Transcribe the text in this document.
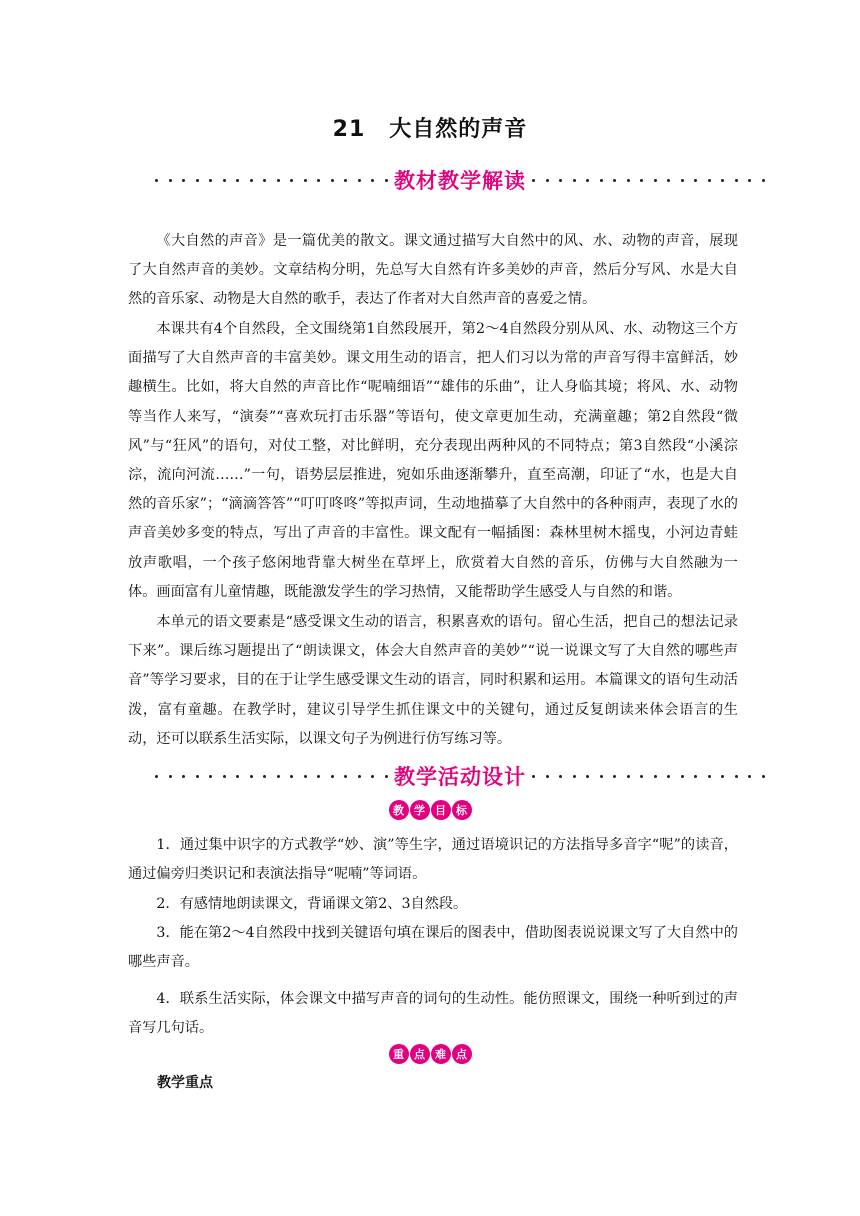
21 大自然的声音
教材教学解读

《大自然的声音》是一篇优美的散文。课文通过描写大自然中的风、水、动物的声音，展现了大自然声音的美妙。文章结构分明，先总写大自然有许多美妙的声音，然后分写风、水是大自然的音乐家、动物是大自然的歌手，表达了作者对大自然声音的喜爱之情。

本课共有4个自然段，全文围绕第1自然段展开，第2～4自然段分别从风、水、动物这三个方面描写了大自然声音的丰富美妙。课文用生动的语言，把人们习以为常的声音写得丰富鲜活，妙趣横生。比如，将大自然的声音比作“呢喃细语”“雄伟的乐曲”，让人身临其境；将风、水、动物等当作人来写，“演奏”“喜欢玩打击乐器”等语句，使文章更加生动，充满童趣；第2自然段“微风”与“狂风”的语句，对仗工整，对比鲜明，充分表现出两种风的不同特点；第3自然段“小溪淙淙，流向河流……”一句，语势层层推进，宛如乐曲逐渐攀升，直至高潮，印证了“水，也是大自然的音乐家”；“滴滴答答”“叮叮咚咚”等拟声词，生动地描摹了大自然中的各种雨声，表现了水的声音美妙多变的特点，写出了声音的丰富性。课文配有一幅插图：森林里树木摇曳，小河边青蛙放声歌唱，一个孩子悠闲地背靠大树坐在草坪上，欣赏着大自然的音乐，仿佛与大自然融为一体。画面富有儿童情趣，既能激发学生的学习热情，又能帮助学生感受人与自然的和谐。

本单元的语文要素是“感受课文生动的语言，积累喜欢的语句。留心生活，把自己的想法记录下来”。课后练习题提出了“朗读课文，体会大自然声音的美妙”“说一说课文写了大自然的哪些声音”等学习要求，目的在于让学生感受课文生动的语言，同时积累和运用。本篇课文的语句生动活泼，富有童趣。在教学时，建议引导学生抓住课文中的关键句，通过反复朗读来体会语言的生动，还可以联系生活实际，以课文句子为例进行仿写练习等。

教学活动设计
教 学 目 标

1．通过集中识字的方式教学“妙、演”等生字，通过语境识记的方法指导多音字“呢”的读音，通过偏旁归类识记和表演法指导“呢喃”等词语。

2．有感情地朗读课文，背诵课文第2、3自然段。

3．能在第2～4自然段中找到关键语句填在课后的图表中，借助图表说说课文写了大自然中的哪些声音。

4．联系生活实际，体会课文中描写声音的词句的生动性。能仿照课文，围绕一种听到过的声音写几句话。

重 点 难 点
教学重点
